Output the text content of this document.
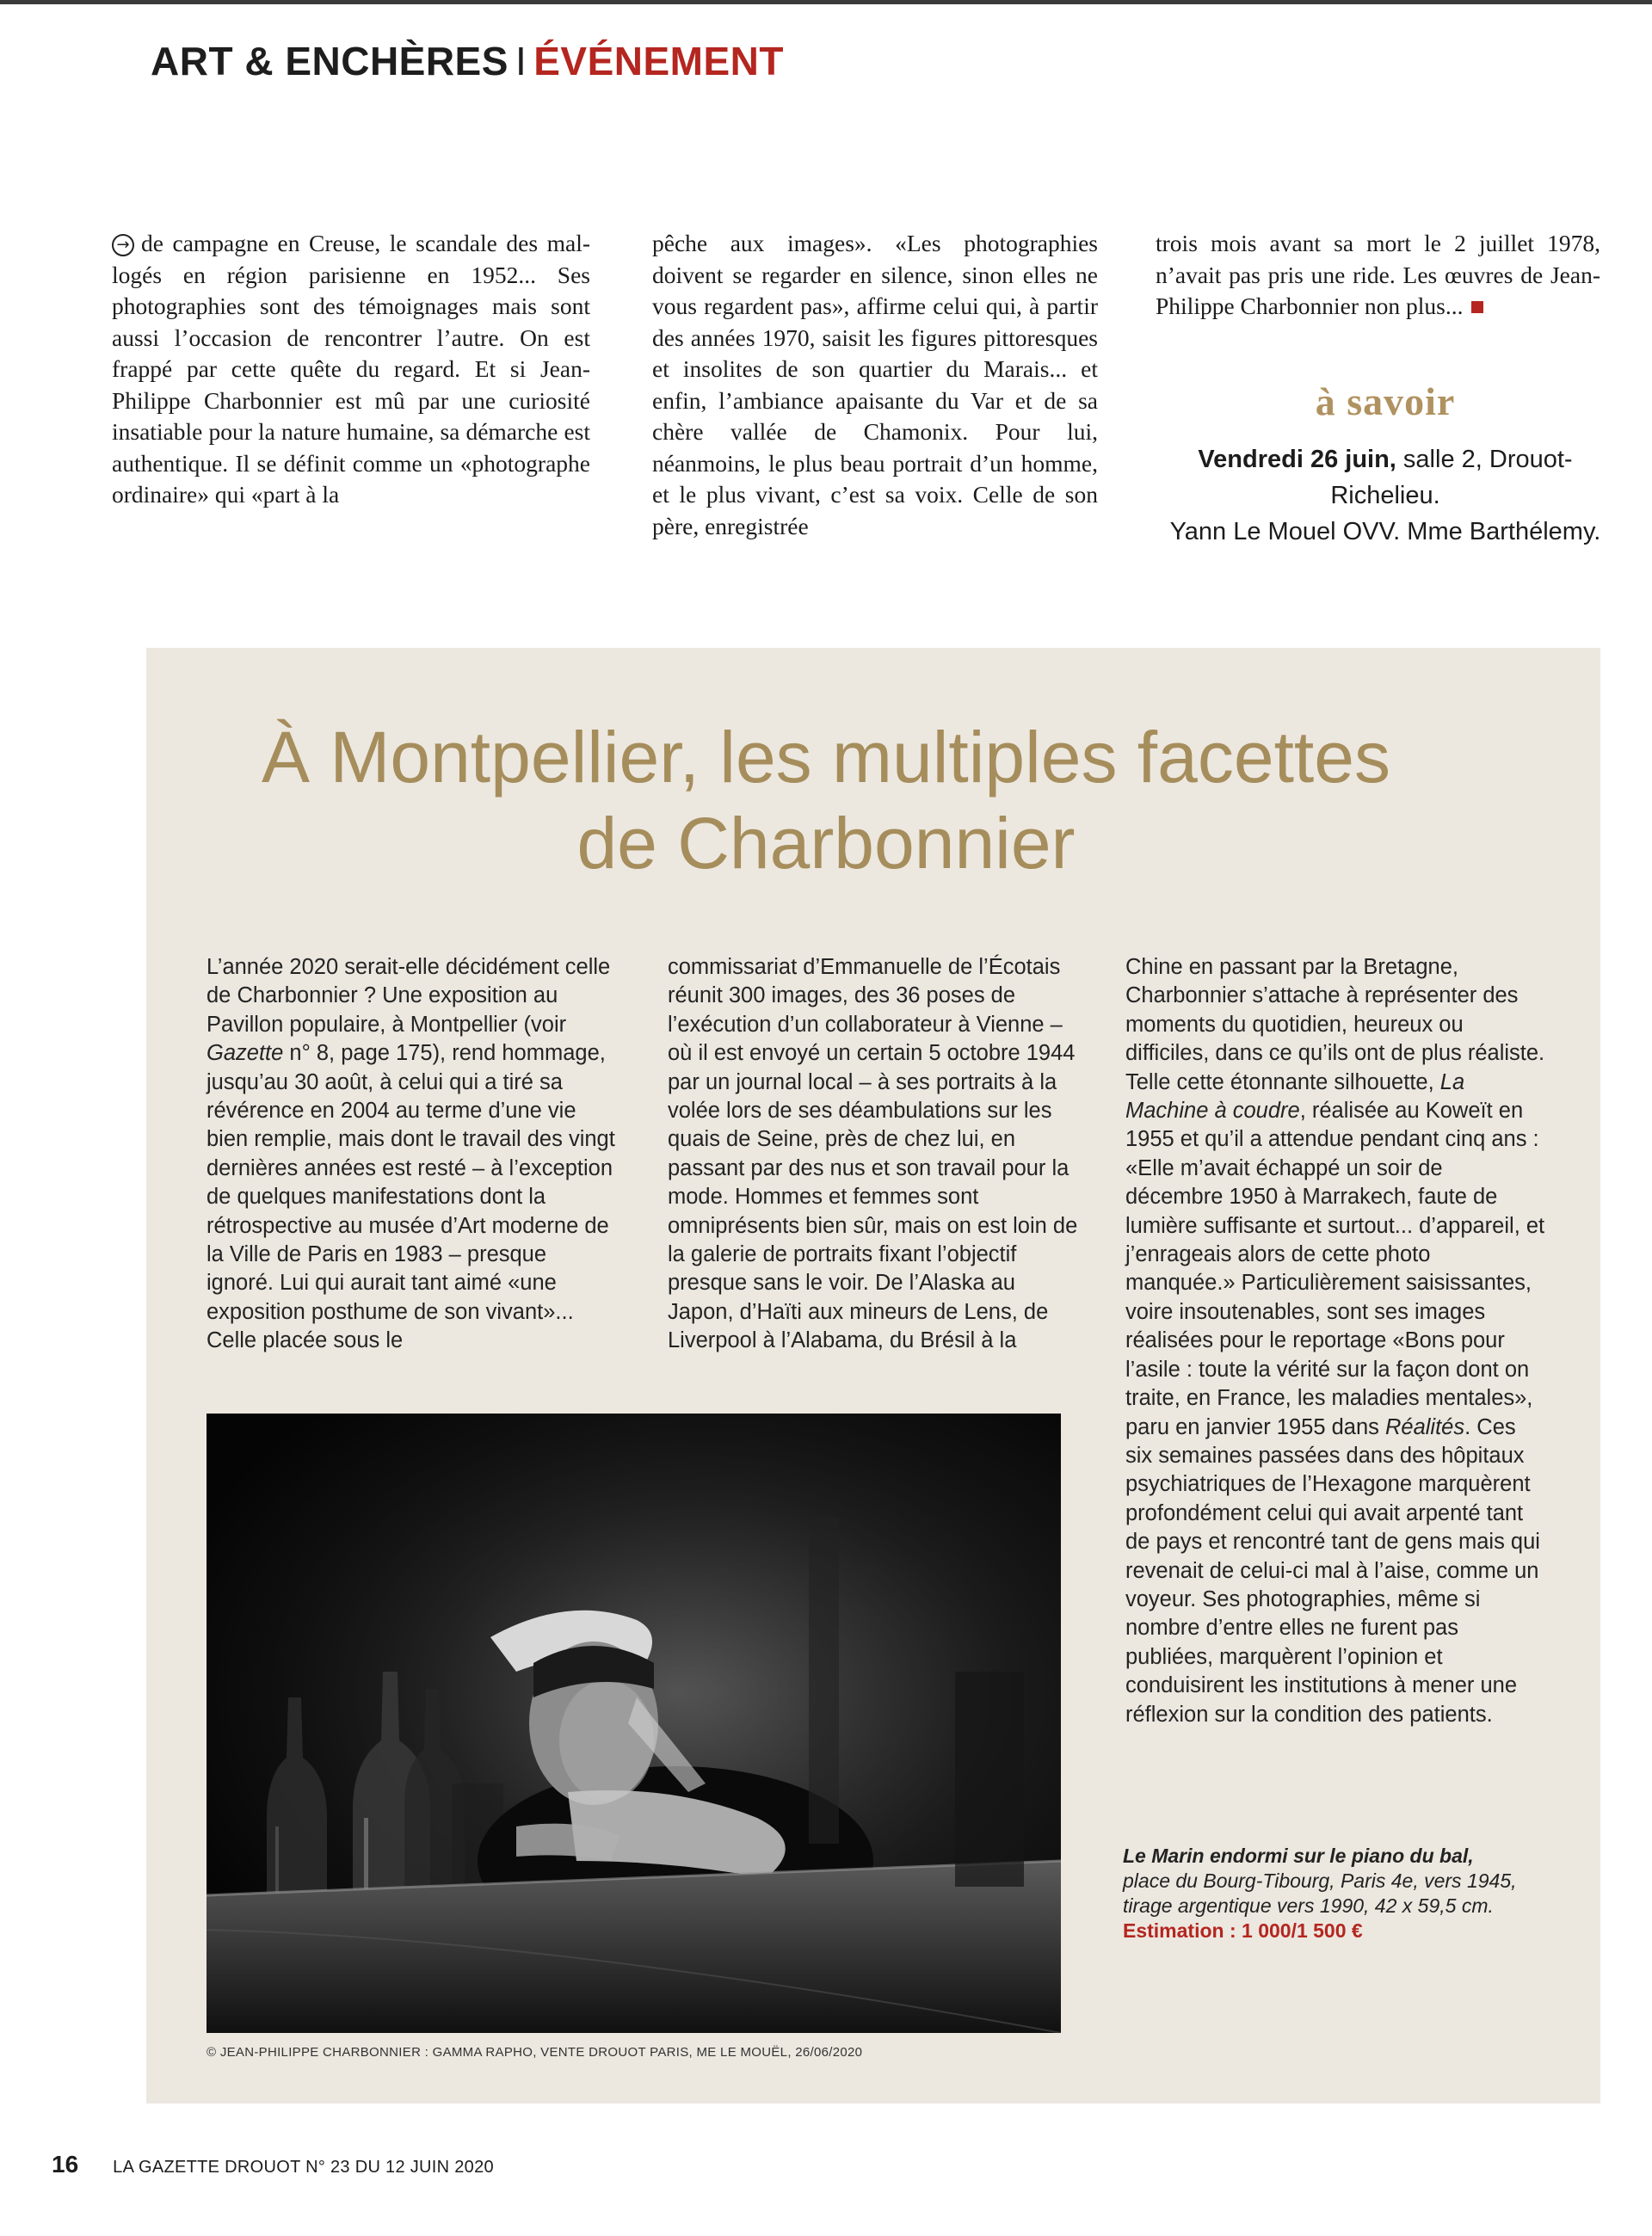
ART & ENCHÈRES I ÉVÉNEMENT

→ de campagne en Creuse, le scandale des mal-logés en région parisienne en 1952... Ses photographies sont des témoignages mais sont aussi l’occasion de rencontrer l’autre. On est frappé par cette quête du regard. Et si Jean-Philippe Charbonnier est mû par une curiosité insatiable pour la nature humaine, sa démarche est authentique. Il se définit comme un «photographe ordinaire» qui «part à la

pêche aux images». «Les photographies doivent se regarder en silence, sinon elles ne vous regardent pas», affirme celui qui, à partir des années 1970, saisit les figures pittoresques et insolites de son quartier du Marais... et enfin, l’ambiance apaisante du Var et de sa chère vallée de Chamonix. Pour lui, néanmoins, le plus beau portrait d’un homme, et le plus vivant, c’est sa voix. Celle de son père, enregistrée

trois mois avant sa mort le 2 juillet 1978, n’avait pas pris une ride. Les œuvres de Jean-Philippe Charbonnier non plus...

à savoir
Vendredi 26 juin, salle 2, Drouot-Richelieu.
Yann Le Mouel OVV. Mme Barthélemy.
À Montpellier, les multiples facettes
de Charbonnier

L’année 2020 serait-elle décidément celle de Charbonnier ? Une exposition au Pavillon populaire, à Montpellier (voir Gazette n° 8, page 175), rend hommage, jusqu’au 30 août, à celui qui a tiré sa révérence en 2004 au terme d’une vie bien remplie, mais dont le travail des vingt dernières années est resté – à l’exception de quelques manifestations dont la rétrospective au musée d’Art moderne de la Ville de Paris en 1983 – presque ignoré. Lui qui aurait tant aimé «une exposition posthume de son vivant»... Celle placée sous le

commissariat d’Emmanuelle de l’Écotais réunit 300 images, des 36 poses de l’exécution d’un collaborateur à Vienne – où il est envoyé un certain 5 octobre 1944 par un journal local – à ses portraits à la volée lors de ses déambulations sur les quais de Seine, près de chez lui, en passant par des nus et son travail pour la mode. Hommes et femmes sont omniprésents bien sûr, mais on est loin de la galerie de portraits fixant l’objectif presque sans le voir. De l’Alaska au Japon, d’Haïti aux mineurs de Lens, de Liverpool à l’Alabama, du Brésil à la

Chine en passant par la Bretagne, Charbonnier s’attache à représenter des moments du quotidien, heureux ou difficiles, dans ce qu’ils ont de plus réaliste. Telle cette étonnante silhouette, La Machine à coudre, réalisée au Koweït en 1955 et qu’il a attendue pendant cinq ans : «Elle m’avait échappé un soir de décembre 1950 à Marrakech, faute de lumière suffisante et surtout... d’appareil, et j’enrageais alors de cette photo manquée.» Particulièrement saisissantes, voire insoutenables, sont ses images réalisées pour le reportage «Bons pour l’asile : toute la vérité sur la façon dont on traite, en France, les maladies mentales», paru en janvier 1955 dans Réalités. Ces six semaines passées dans des hôpitaux psychiatriques de l’Hexagone marquèrent profondément celui qui avait arpenté tant de pays et rencontré tant de gens mais qui revenait de celui-ci mal à l’aise, comme un voyeur. Ses photographies, même si nombre d’entre elles ne furent pas publiées, marquèrent l’opinion et conduisirent les institutions à mener une réflexion sur la condition des patients.

© JEAN-PHILIPPE CHARBONNIER : GAMMA RAPHO, VENTE DROUOT PARIS, ME LE MOUËL, 26/06/2020
Le Marin endormi sur le piano du bal,
place du Bourg-Tibourg, Paris 4e, vers 1945, tirage argentique vers 1990, 42 x 59,5 cm.
Estimation : 1 000/1 500 €
16 LA GAZETTE DROUOT N° 23 DU 12 JUIN 2020
